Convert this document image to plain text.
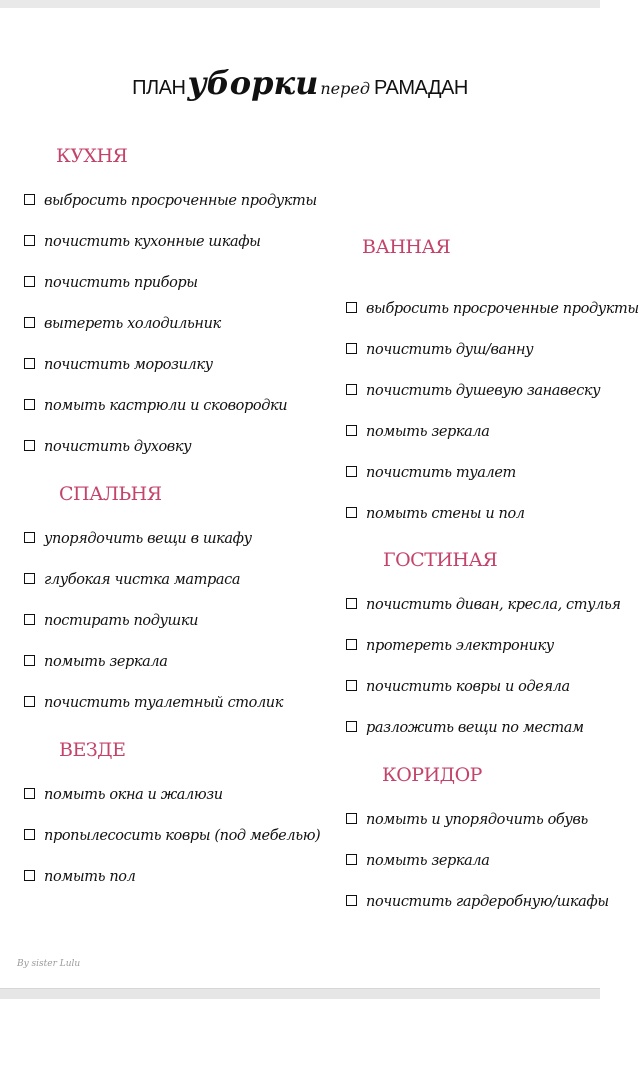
ПЛАНуборки перед РАМАДАН
КУХНЯ
выбросить просроченные продукты
почистить кухонные шкафы
почистить приборы
вытереть холодильник
почистить морозилку
помыть кастрюли и сковородки
почистить духовку
СПАЛЬНЯ
упорядочить вещи в шкафу
глубокая чистка матраса
постирать подушки
помыть зеркала
почистить туалетный столик
ВЕЗДЕ
помыть окна и жалюзи
пропылесосить ковры (под мебелью)
помыть пол
ВАННАЯ
выбросить просроченные продукты
почистить душ/ванну
почистить душевую занавеску
помыть зеркала
почистить туалет
помыть стены и пол
ГОСТИНАЯ
почистить диван, кресла, стулья
протереть электронику
почистить ковры и одеяла
разложить вещи по местам
КОРИДОР
помыть и упорядочить обувь
помыть зеркала
почистить гардеробную/шкафы
By sister Lulu
